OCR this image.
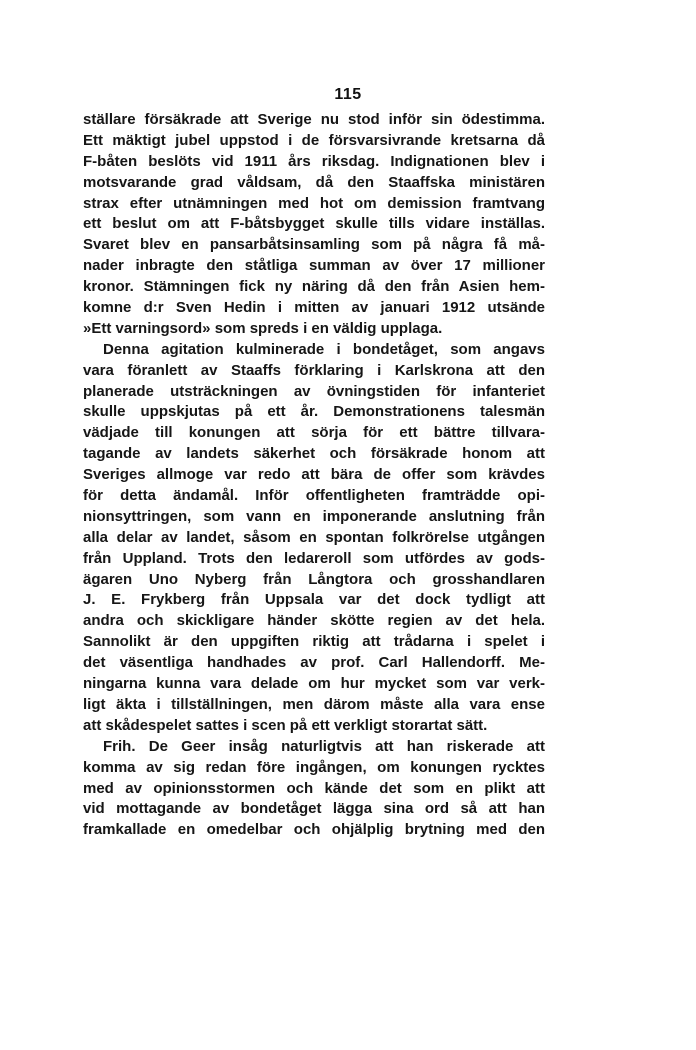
115
ställare försäkrade att Sverige nu stod inför sin ödestimma.
Ett mäktigt jubel uppstod i de försvarsivrande kretsarna då
F-båten beslöts vid 1911 års riksdag. Indignationen blev i
motsvarande grad våldsam, då den Staaffska ministären
strax efter utnämningen med hot om demission framtvang
ett beslut om att F-båtsbygget skulle tills vidare inställas.
Svaret blev en pansarbåtsinsamling som på några få må-
nader inbragte den ståtliga summan av över 17 millioner
kronor. Stämningen fick ny näring då den från Asien hem-
komne d:r Sven Hedin i mitten av januari 1912 utsände
»Ett varningsord» som spreds i en väldig upplaga.
Denna agitation kulminerade i bondetåget, som angavs
vara föranlett av Staaffs förklaring i Karlskrona att den
planerade utsträckningen av övningstiden för infanteriet
skulle uppskjutas på ett år. Demonstrationens talesmän
vädjade till konungen att sörja för ett bättre tillvara-
tagande av landets säkerhet och försäkrade honom att
Sveriges allmoge var redo att bära de offer som krävdes
för detta ändamål. Inför offentligheten framträdde opi-
nionsyttringen, som vann en imponerande anslutning från
alla delar av landet, såsom en spontan folkrörelse utgången
från Uppland. Trots den ledareroll som utfördes av gods-
ägaren Uno Nyberg från Långtora och grosshandlaren
J. E. Frykberg från Uppsala var det dock tydligt att
andra och skickligare händer skötte regien av det hela.
Sannolikt är den uppgiften riktig att trådarna i spelet i
det väsentliga handhades av prof. Carl Hallendorff. Me-
ningarna kunna vara delade om hur mycket som var verk-
ligt äkta i tillställningen, men därom måste alla vara ense
att skådespelet sattes i scen på ett verkligt storartat sätt.
Frih. De Geer insåg naturligtvis att han riskerade att
komma av sig redan före ingången, om konungen rycktes
med av opinionsstormen och kände det som en plikt att
vid mottagande av bondetåget lägga sina ord så att han
framkallade en omedelbar och ohjälplig brytning med den
